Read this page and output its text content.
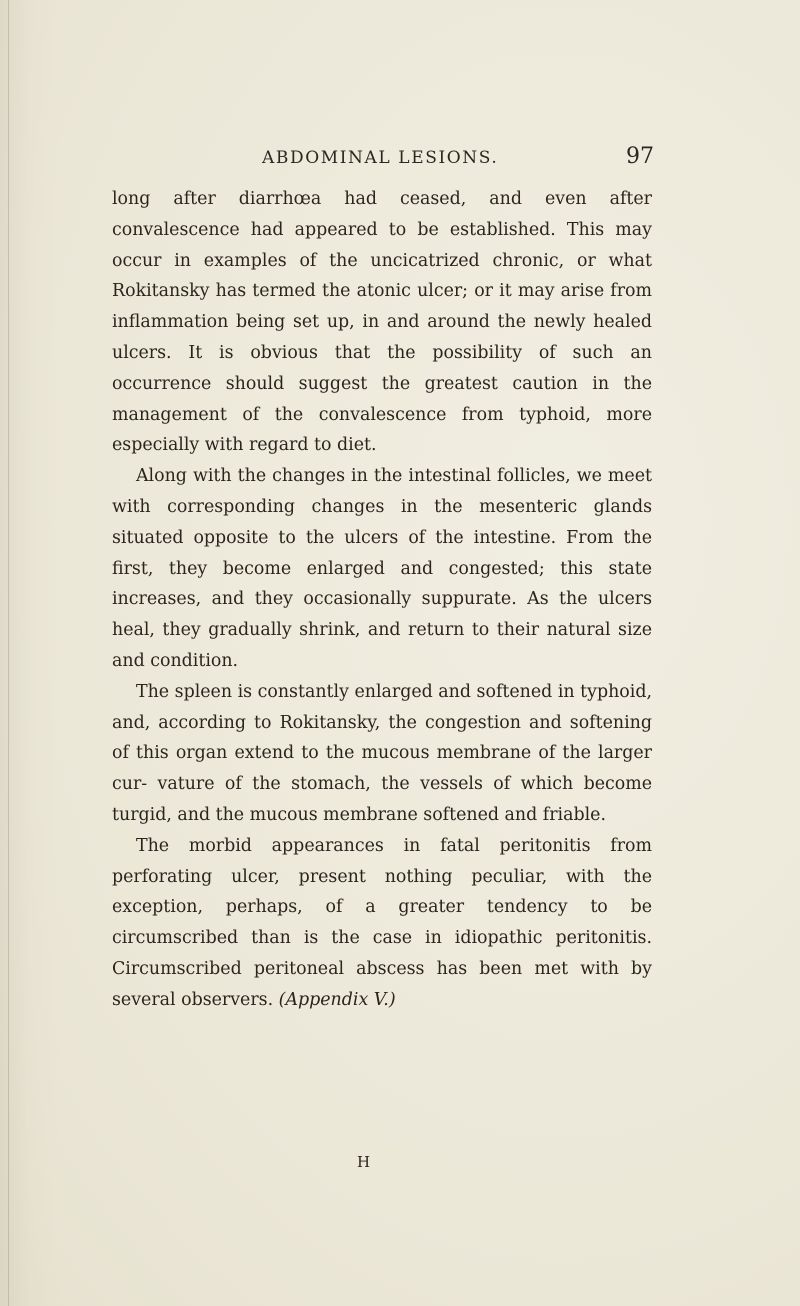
ABDOMINAL LESIONS.	97

long after diarrhœa had ceased, and even after convalescence had appeared to be established. This may occur in examples of the uncicatrized chronic, or what Rokitansky has termed the atonic ulcer; or it may arise from inflammation being set up, in and around the newly healed ulcers. It is obvious that the possibility of such an occurrence should suggest the greatest caution in the management of the convalescence from typhoid, more especially with regard to diet.

Along with the changes in the intestinal follicles, we meet with corresponding changes in the mesenteric glands situated opposite to the ulcers of the intestine. From the first, they become enlarged and congested; this state increases, and they occasionally suppurate. As the ulcers heal, they gradually shrink, and return to their natural size and condition.

The spleen is constantly enlarged and softened in typhoid, and, according to Rokitansky, the congestion and softening of this organ extend to the mucous membrane of the larger cur- vature of the stomach, the vessels of which become turgid, and the mucous membrane softened and friable.

The morbid appearances in fatal peritonitis from perforating ulcer, present nothing peculiar, with the exception, perhaps, of a greater tendency to be circumscribed than is the case in idiopathic peritonitis. Circumscribed peritoneal abscess has been met with by several observers. (Appendix V.)

H
